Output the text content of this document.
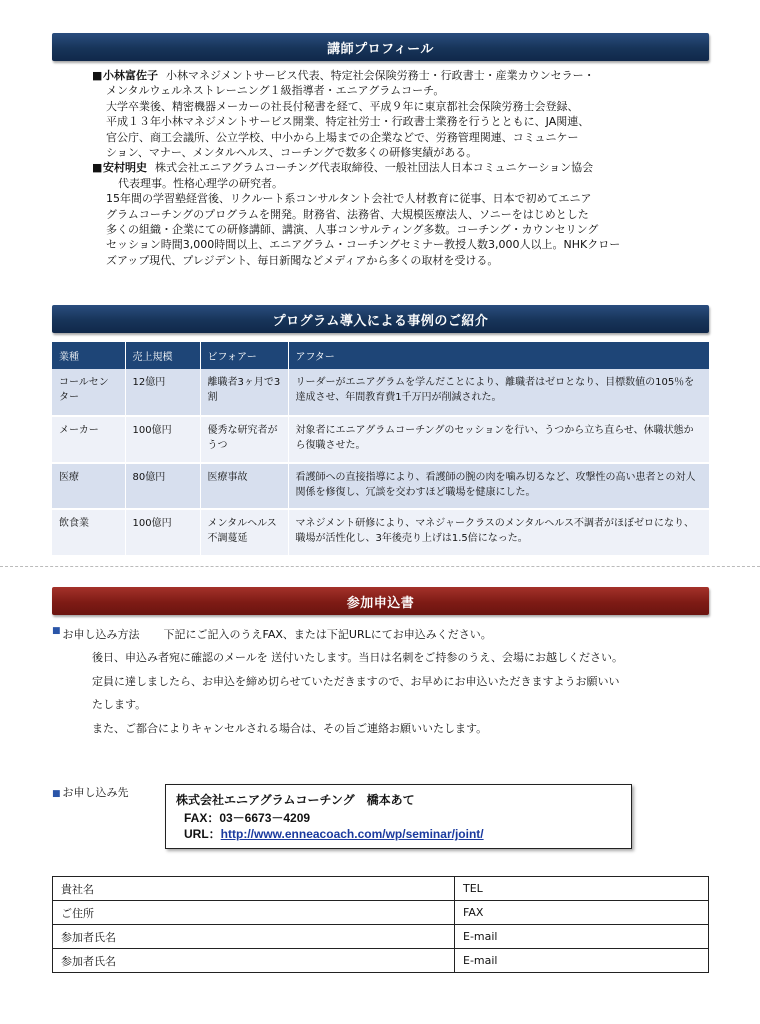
講師プロフィール
■ 小林富佐子 小林マネジメントサービス代表、特定社会保険労務士・行政書士・産業カウンセラー・
メンタルウェルネストレーニング１級指導者・エニアグラムコーチ。
大学卒業後、精密機器メーカーの社長付秘書を経て、平成９年に東京都社会保険労務士会登録、
平成１３年小林マネジメントサービス開業、特定社労士・行政書士業務を行うとともに、JA関連、
官公庁、商工会議所、公立学校、中小から上場までの企業などで、労務管理関連、コミュニケー
ション、マナー、メンタルヘルス、コーチングで数多くの研修実績がある。
■ 安村明史 株式会社エニアグラムコーチング代表取締役、一般社団法人日本コミュニケーション協会
代表理事。性格心理学の研究者。
15年間の学習塾経営後、リクルート系コンサルタント会社で人材教育に従事、日本で初めてエニア
グラムコーチングのプログラムを開発。財務省、法務省、大規模医療法人、ソニーをはじめとした
多くの組織・企業にての研修講師、講演、人事コンサルティング多数。コーチング・カウンセリング
セッション時間3,000時間以上、エニアグラム・コーチングセミナー教授人数3,000人以上。NHKクロー
ズアップ現代、プレジデント、毎日新聞などメディアから多くの取材を受ける。
プログラム導入による事例のご紹介
業種	売上規模	ビフォアー	アフター
コールセンター	12億円	離職者3ヶ月で3割	リーダーがエニアグラムを学んだことにより、離職者はゼロとなり、目標数値の105％を達成させ、年間教育費1千万円が削減された。
メーカー	100億円	優秀な研究者がうつ	対象者にエニアグラムコーチングのセッションを行い、うつから立ち直らせ、休職状態から復職させた。
医療	80億円	医療事故	看護師への直接指導により、看護師の腕の肉を噛み切るなど、攻撃性の高い患者との対人関係を修復し、冗談を交わすほど職場を健康にした。
飲食業	100億円	メンタルヘルス不調蔓延	マネジメント研修により、マネジャークラスのメンタルヘルス不調者がほぼゼロになり、職場が活性化し、3年後売り上げは1.5倍になった。
参加申込書
■ お申し込み方法 下記にご記入のうえFAX、または下記URLにてお申込みください。
後日、申込み者宛に確認のメールを 送付いたします。当日は名刺をご持参のうえ、会場にお越しください。
定員に達しましたら、お申込を締め切らせていただきますので、お早めにお申込いただきますようお願いい
たします。
また、ご都合によりキャンセルされる場合は、その旨ご連絡お願いいたします。
■ お申し込み先
株式会社エニアグラムコーチング　橋本あて
FAX：03－6673－4209
URL：http://www.enneacoach.com/wp/seminar/joint/
貴社名	TEL
ご住所	FAX
参加者氏名	E-mail
参加者氏名	E-mail
